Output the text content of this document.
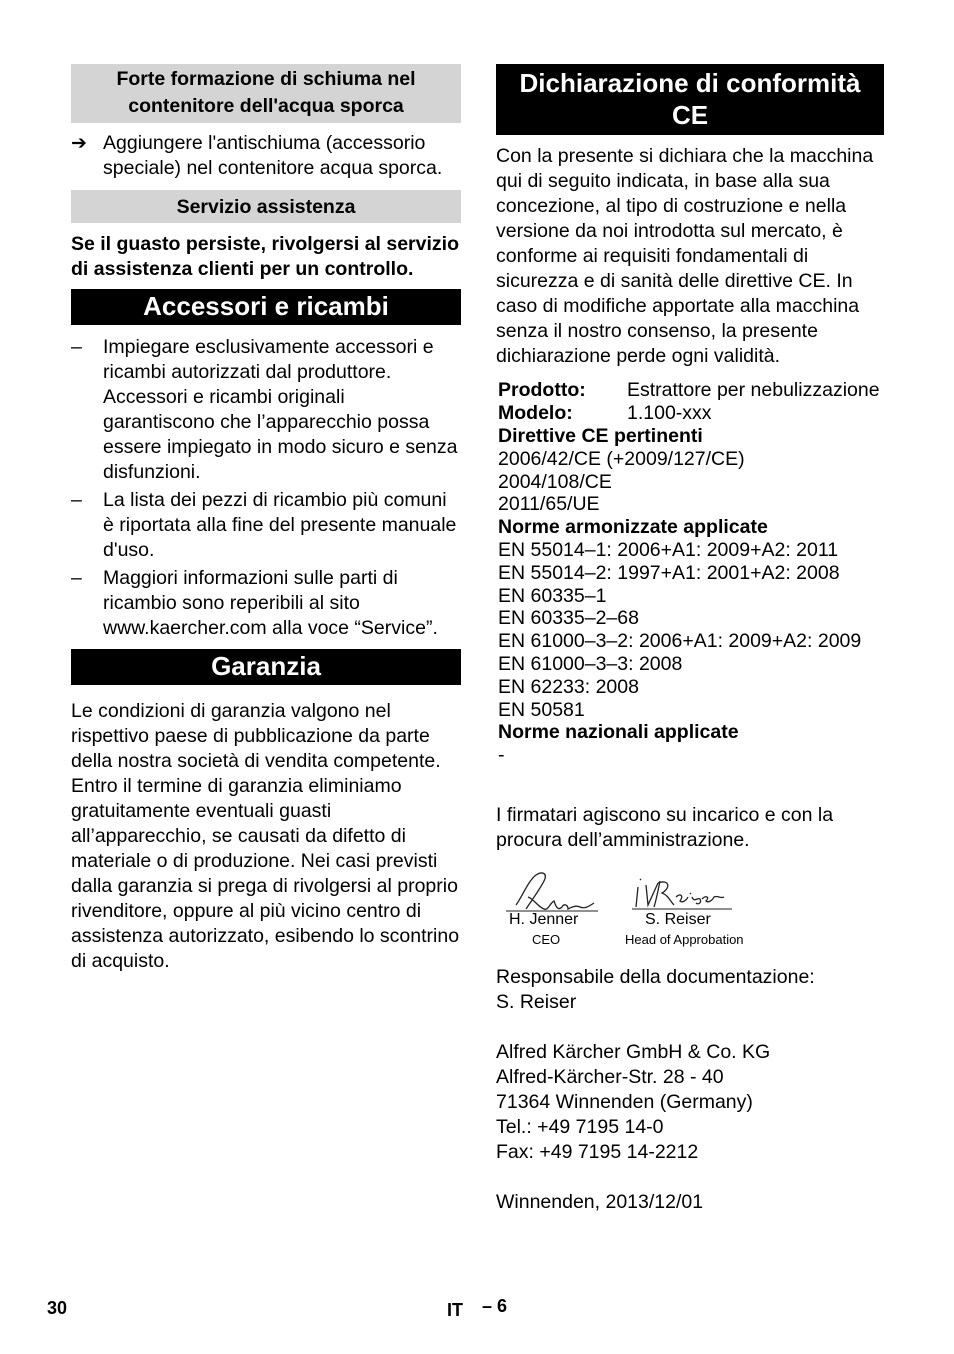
Forte formazione di schiuma nel contenitore dell'acqua sporca
➔ Aggiungere l'antischiuma (accessorio speciale) nel contenitore acqua sporca.
Servizio assistenza

Se il guasto persiste, rivolgersi al servizio di assistenza clienti per un controllo.

Accessori e ricambi
–	Impiegare esclusivamente accessori e ricambi autorizzati dal produttore. Accessori e ricambi originali garantiscono che l’apparecchio possa essere impiegato in modo sicuro e senza disfunzioni.
–	La lista dei pezzi di ricambio più comuni è riportata alla fine del presente manuale d'uso.
–	Maggiori informazioni sulle parti di ricambio sono reperibili al sito www.kaercher.com alla voce “Service”.
Garanzia

Le condizioni di garanzia valgono nel rispettivo paese di pubblicazione da parte della nostra società di vendita competente. Entro il termine di garanzia eliminiamo gratuitamente eventuali guasti all’apparecchio, se causati da difetto di materiale o di produzione. Nei casi previsti dalla garanzia si prega di rivolgersi al proprio rivenditore, oppure al più vicino centro di assistenza autorizzato, esibendo lo scontrino di acquisto.

Dichiarazione di conformità CE

Con la presente si dichiara che la macchina qui di seguito indicata, in base alla sua concezione, al tipo di costruzione e nella versione da noi introdotta sul mercato, è conforme ai requisiti fondamentali di sicurezza e di sanità delle direttive CE. In caso di modifiche apportate alla macchina senza il nostro consenso, la presente dichiarazione perde ogni validità.

Prodotto:	Estrattore per nebulizzazione
Modelo:	1.100-xxx
Direttive CE pertinenti
2006/42/CE (+2009/127/CE)
2004/108/CE
2011/65/UE
Norme armonizzate applicate
EN 55014–1: 2006+A1: 2009+A2: 2011
EN 55014–2: 1997+A1: 2001+A2: 2008
EN 60335–1
EN 60335–2–68
EN 61000–3–2: 2006+A1: 2009+A2: 2009
EN 61000–3–3: 2008
EN 62233: 2008
EN 50581
Norme nazionali applicate
-

I firmatari agiscono su incarico e con la procura dell’amministrazione.

H. Jenner
CEO
S. Reiser
Head of Approbation
Responsabile della documentazione:
S. Reiser
Alfred Kärcher GmbH & Co. KG
Alfred-Kärcher-Str. 28 - 40
71364 Winnenden (Germany)
Tel.: +49 7195 14-0
Fax: +49 7195 14-2212
Winnenden, 2013/12/01
30	IT – 6
